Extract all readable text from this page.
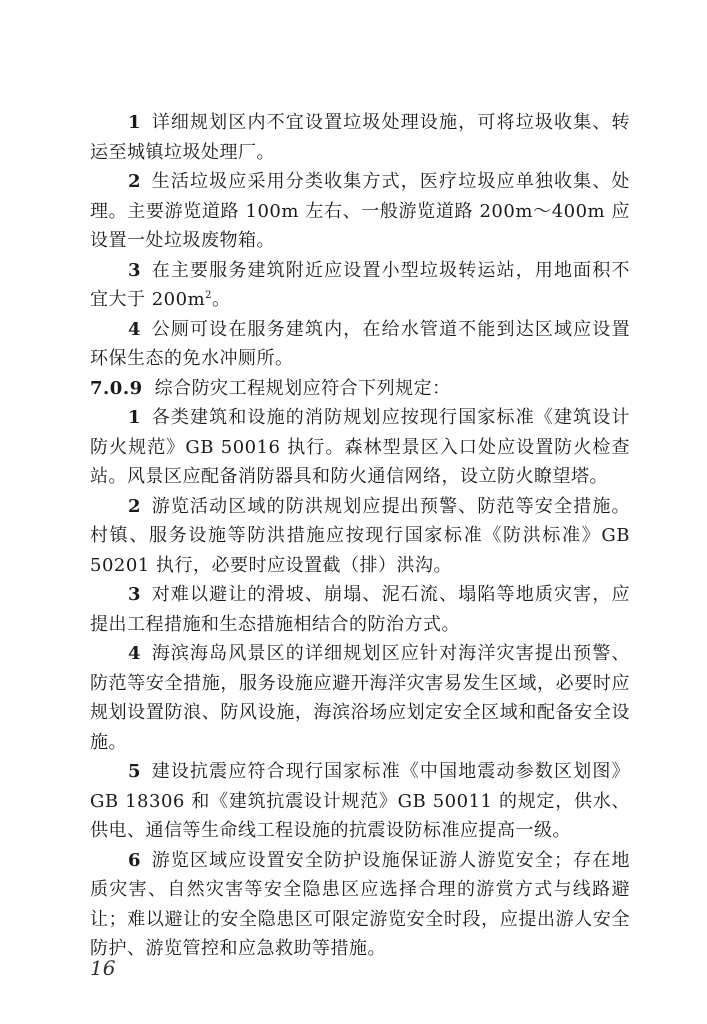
1 详细规划区内不宜设置垃圾处理设施，可将垃圾收集、转运至城镇垃圾处理厂。

2 生活垃圾应采用分类收集方式，医疗垃圾应单独收集、处理。主要游览道路 100m 左右、一般游览道路 200m～400m 应设置一处垃圾废物箱。

3 在主要服务建筑附近应设置小型垃圾转运站，用地面积不宜大于 $200m^2$。

4 公厕可设在服务建筑内，在给水管道不能到达区域应设置环保生态的免水冲厕所。

7.0.9 综合防灾工程规划应符合下列规定：

1 各类建筑和设施的消防规划应按现行国家标准《建筑设计防火规范》GB 50016 执行。森林型景区入口处应设置防火检查站。风景区应配备消防器具和防火通信网络，设立防火瞭望塔。

2 游览活动区域的防洪规划应提出预警、防范等安全措施。村镇、服务设施等防洪措施应按现行国家标准《防洪标准》GB 50201 执行，必要时应设置截（排）洪沟。

3 对难以避让的滑坡、崩塌、泥石流、塌陷等地质灾害，应提出工程措施和生态措施相结合的防治方式。

4 海滨海岛风景区的详细规划区应针对海洋灾害提出预警、防范等安全措施，服务设施应避开海洋灾害易发生区域，必要时应规划设置防浪、防风设施，海滨浴场应划定安全区域和配备安全设施。

5 建设抗震应符合现行国家标准《中国地震动参数区划图》GB 18306 和《建筑抗震设计规范》GB 50011 的规定，供水、供电、通信等生命线工程设施的抗震设防标准应提高一级。

6 游览区域应设置安全防护设施保证游人游览安全；存在地质灾害、自然灾害等安全隐患区应选择合理的游赏方式与线路避让；难以避让的安全隐患区可限定游览安全时段，应提出游人安全防护、游览管控和应急救助等措施。

16
